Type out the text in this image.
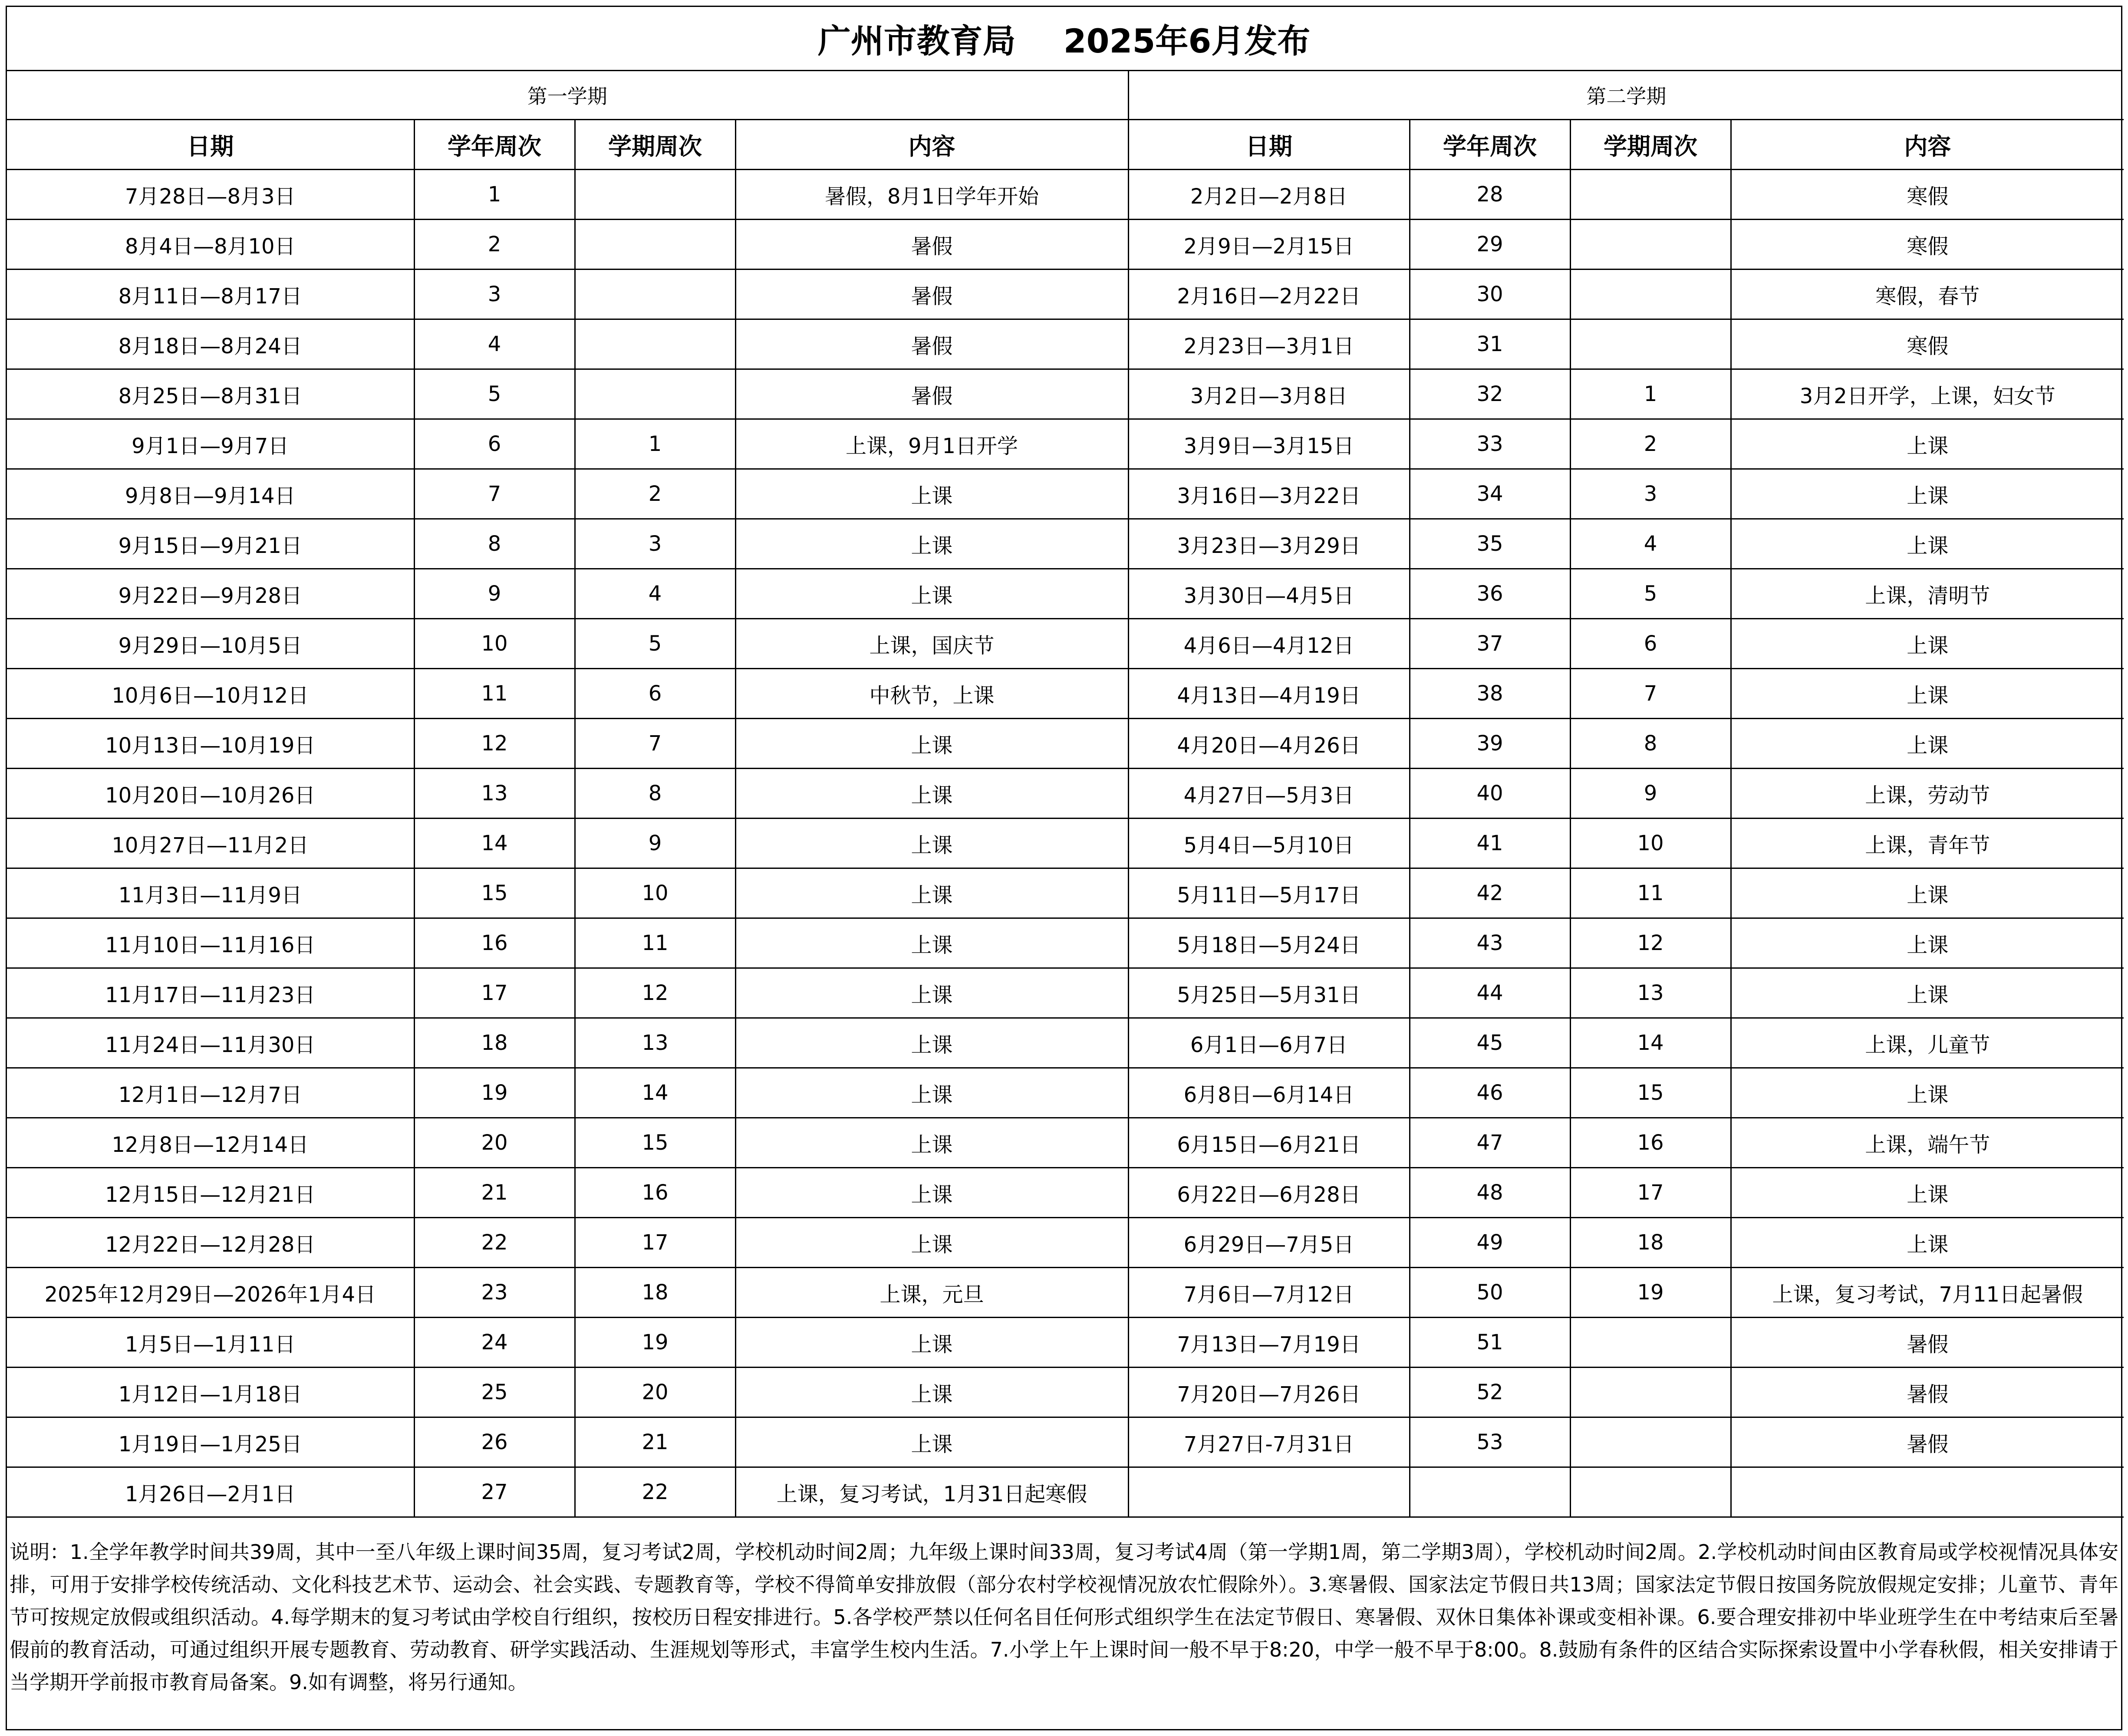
广州市教育局 2025年6月发布
第一学期				第二学期			
日期	学年周次	学期周次	内容	日期	学年周次	学期周次	内容
7月28日—8月3日	1		暑假，8月1日学年开始	2月2日—2月8日	28		寒假
8月4日—8月10日	2		暑假	2月9日—2月15日	29		寒假
8月11日—8月17日	3		暑假	2月16日—2月22日	30		寒假，春节
8月18日—8月24日	4		暑假	2月23日—3月1日	31		寒假
8月25日—8月31日	5		暑假	3月2日—3月8日	32	1	3月2日开学，上课，妇女节
9月1日—9月7日	6	1	上课，9月1日开学	3月9日—3月15日	33	2	上课
9月8日—9月14日	7	2	上课	3月16日—3月22日	34	3	上课
9月15日—9月21日	8	3	上课	3月23日—3月29日	35	4	上课
9月22日—9月28日	9	4	上课	3月30日—4月5日	36	5	上课，清明节
9月29日—10月5日	10	5	上课，国庆节	4月6日—4月12日	37	6	上课
10月6日—10月12日	11	6	中秋节，上课	4月13日—4月19日	38	7	上课
10月13日—10月19日	12	7	上课	4月20日—4月26日	39	8	上课
10月20日—10月26日	13	8	上课	4月27日—5月3日	40	9	上课，劳动节
10月27日—11月2日	14	9	上课	5月4日—5月10日	41	10	上课，青年节
11月3日—11月9日	15	10	上课	5月11日—5月17日	42	11	上课
11月10日—11月16日	16	11	上课	5月18日—5月24日	43	12	上课
11月17日—11月23日	17	12	上课	5月25日—5月31日	44	13	上课
11月24日—11月30日	18	13	上课	6月1日—6月7日	45	14	上课，儿童节
12月1日—12月7日	19	14	上课	6月8日—6月14日	46	15	上课
12月8日—12月14日	20	15	上课	6月15日—6月21日	47	16	上课，端午节
12月15日—12月21日	21	16	上课	6月22日—6月28日	48	17	上课
12月22日—12月28日	22	17	上课	6月29日—7月5日	49	18	上课
2025年12月29日—2026年1月4日	23	18	上课，元旦	7月6日—7月12日	50	19	上课，复习考试，7月11日起暑假
1月5日—1月11日	24	19	上课	7月13日—7月19日	51		暑假
1月12日—1月18日	25	20	上课	7月20日—7月26日	52		暑假
1月19日—1月25日	26	21	上课	7月27日-7月31日	53		暑假
1月26日—2月1日	27	22	上课，复习考试，1月31日起寒假				
说明：1.全学年教学时间共39周，其中一至八年级上课时间35周，复习考试2周，学校机动时间2周；九年级上课时间33周，复习考试4周（第一学期1周，第二学期3周），学校机动时间2周。2.学校机动时间由区教育局或学校视情况具体安排，可用于安排学校传统活动、文化科技艺术节、运动会、社会实践、专题教育等，学校不得简单安排放假（部分农村学校视情况放农忙假除外）。3.寒暑假、国家法定节假日共13周；国家法定节假日按国务院放假规定安排；儿童节、青年节可按规定放假或组织活动。4.每学期末的复习考试由学校自行组织，按校历日程安排进行。5.各学校严禁以任何名目任何形式组织学生在法定节假日、寒暑假、双休日集体补课或变相补课。6.要合理安排初中毕业班学生在中考结束后至暑假前的教育活动，可通过组织开展专题教育、劳动教育、研学实践活动、生涯规划等形式，丰富学生校内生活。7.小学上午上课时间一般不早于8:20，中学一般不早于8:00。8.鼓励有条件的区结合实际探索设置中小学春秋假，相关安排请于当学期开学前报市教育局备案。9.如有调整，将另行通知。
